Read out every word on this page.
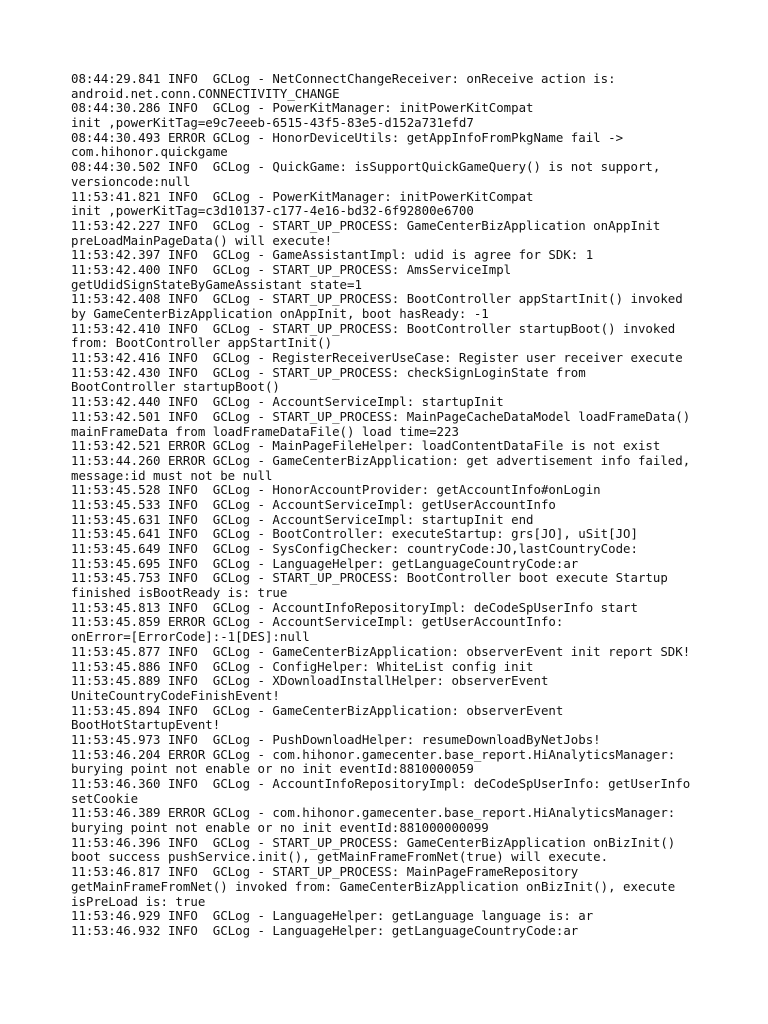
08:44:29.841 INFO  GCLog - NetConnectChangeReceiver: onReceive action is:
android.net.conn.CONNECTIVITY_CHANGE
08:44:30.286 INFO  GCLog - PowerKitManager: initPowerKitCompat
init ,powerKitTag=e9c7eeeb-6515-43f5-83e5-d152a731efd7
08:44:30.493 ERROR GCLog - HonorDeviceUtils: getAppInfoFromPkgName fail ->
com.hihonor.quickgame
08:44:30.502 INFO  GCLog - QuickGame: isSupportQuickGameQuery() is not support,
versioncode:null
11:53:41.821 INFO  GCLog - PowerKitManager: initPowerKitCompat
init ,powerKitTag=c3d10137-c177-4e16-bd32-6f92800e6700
11:53:42.227 INFO  GCLog - START_UP_PROCESS: GameCenterBizApplication onAppInit
preLoadMainPageData() will execute!
11:53:42.397 INFO  GCLog - GameAssistantImpl: udid is agree for SDK: 1
11:53:42.400 INFO  GCLog - START_UP_PROCESS: AmsServiceImpl
getUdidSignStateByGameAssistant state=1
11:53:42.408 INFO  GCLog - START_UP_PROCESS: BootController appStartInit() invoked
by GameCenterBizApplication onAppInit, boot hasReady: -1
11:53:42.410 INFO  GCLog - START_UP_PROCESS: BootController startupBoot() invoked
from: BootController appStartInit()
11:53:42.416 INFO  GCLog - RegisterReceiverUseCase: Register user receiver execute
11:53:42.430 INFO  GCLog - START_UP_PROCESS: checkSignLoginState from
BootController startupBoot()
11:53:42.440 INFO  GCLog - AccountServiceImpl: startupInit
11:53:42.501 INFO  GCLog - START_UP_PROCESS: MainPageCacheDataModel loadFrameData()
mainFrameData from loadFrameDataFile() load time=223
11:53:42.521 ERROR GCLog - MainPageFileHelper: loadContentDataFile is not exist
11:53:44.260 ERROR GCLog - GameCenterBizApplication: get advertisement info failed,
message:id must not be null
11:53:45.528 INFO  GCLog - HonorAccountProvider: getAccountInfo#onLogin
11:53:45.533 INFO  GCLog - AccountServiceImpl: getUserAccountInfo
11:53:45.631 INFO  GCLog - AccountServiceImpl: startupInit end
11:53:45.641 INFO  GCLog - BootController: executeStartup: grs[JO], uSit[JO]
11:53:45.649 INFO  GCLog - SysConfigChecker: countryCode:JO,lastCountryCode:
11:53:45.695 INFO  GCLog - LanguageHelper: getLanguageCountryCode:ar
11:53:45.753 INFO  GCLog - START_UP_PROCESS: BootController boot execute Startup
finished isBootReady is: true
11:53:45.813 INFO  GCLog - AccountInfoRepositoryImpl: deCodeSpUserInfo start
11:53:45.859 ERROR GCLog - AccountServiceImpl: getUserAccountInfo:
onError=[ErrorCode]:-1[DES]:null
11:53:45.877 INFO  GCLog - GameCenterBizApplication: observerEvent init report SDK!
11:53:45.886 INFO  GCLog - ConfigHelper: WhiteList config init
11:53:45.889 INFO  GCLog - XDownloadInstallHelper: observerEvent
UniteCountryCodeFinishEvent!
11:53:45.894 INFO  GCLog - GameCenterBizApplication: observerEvent
BootHotStartupEvent!
11:53:45.973 INFO  GCLog - PushDownloadHelper: resumeDownloadByNetJobs!
11:53:46.204 ERROR GCLog - com.hihonor.gamecenter.base_report.HiAnalyticsManager:
burying point not enable or no init eventId:8810000059
11:53:46.360 INFO  GCLog - AccountInfoRepositoryImpl: deCodeSpUserInfo: getUserInfo
setCookie
11:53:46.389 ERROR GCLog - com.hihonor.gamecenter.base_report.HiAnalyticsManager:
burying point not enable or no init eventId:881000000099
11:53:46.396 INFO  GCLog - START_UP_PROCESS: GameCenterBizApplication onBizInit()
boot success pushService.init(), getMainFrameFromNet(true) will execute.
11:53:46.817 INFO  GCLog - START_UP_PROCESS: MainPageFrameRepository
getMainFrameFromNet() invoked from: GameCenterBizApplication onBizInit(), execute
isPreLoad is: true
11:53:46.929 INFO  GCLog - LanguageHelper: getLanguage language is: ar
11:53:46.932 INFO  GCLog - LanguageHelper: getLanguageCountryCode:ar
